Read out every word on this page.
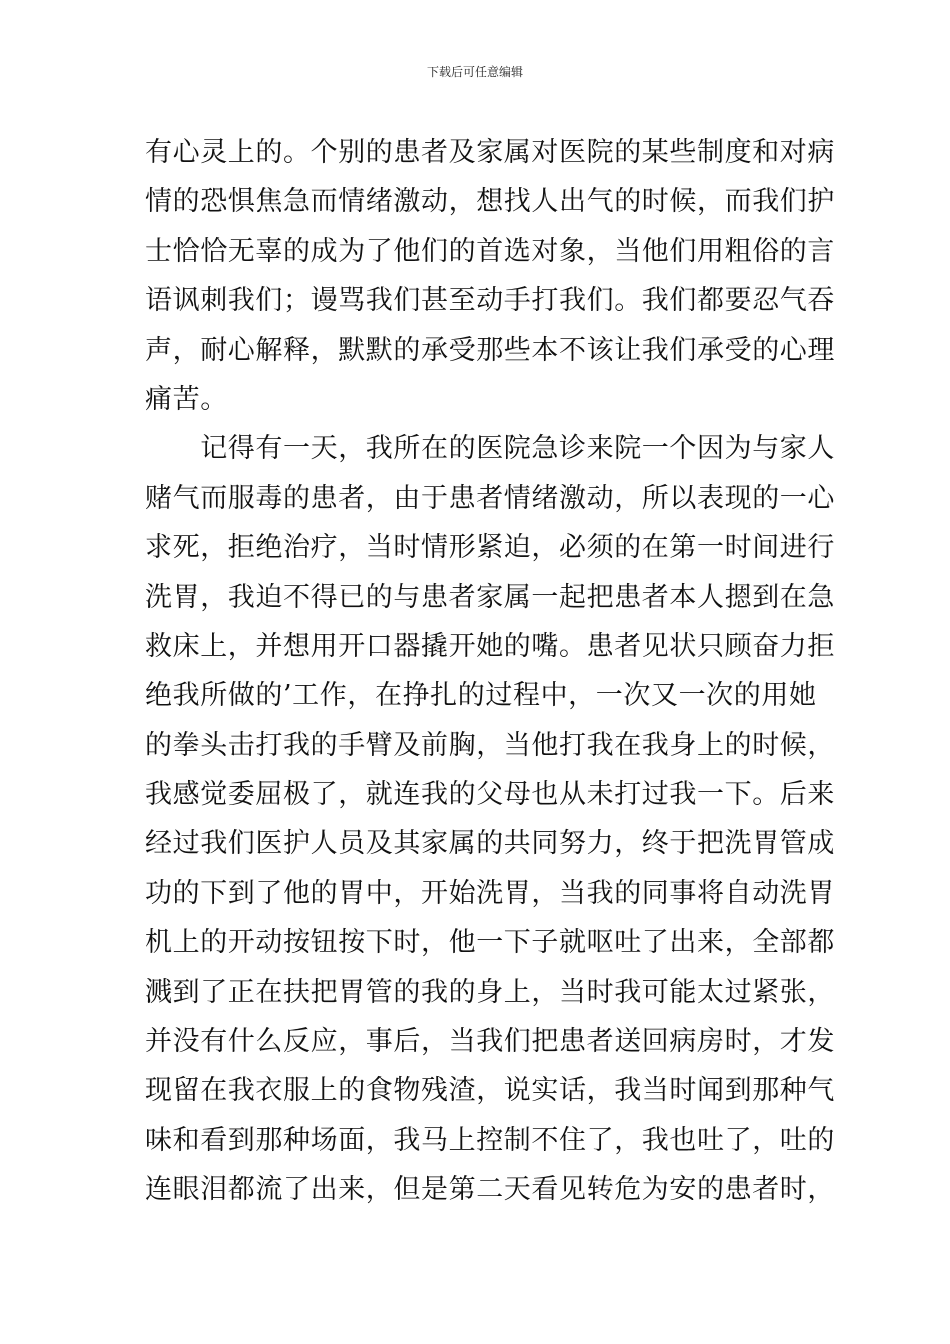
下载后可任意编辑
有心灵上的。个别的患者及家属对医院的某些制度和对病
情的恐惧焦急而情绪激动，想找人出气的时候，而我们护
士恰恰无辜的成为了他们的首选对象，当他们用粗俗的言
语讽刺我们；谩骂我们甚至动手打我们。我们都要忍气吞
声，耐心解释，默默的承受那些本不该让我们承受的心理
痛苦。
　　记得有一天，我所在的医院急诊来院一个因为与家人
赌气而服毒的患者，由于患者情绪激动，所以表现的一心
求死，拒绝治疗，当时情形紧迫，必须的在第一时间进行
洗胃，我迫不得已的与患者家属一起把患者本人摁到在急
救床上，并想用开口器撬开她的嘴。患者见状只顾奋力拒
绝我所做的’工作，在挣扎的过程中，一次又一次的用她
的拳头击打我的手臂及前胸，当他打我在我身上的时候，
我感觉委屈极了，就连我的父母也从未打过我一下。后来
经过我们医护人员及其家属的共同努力，终于把洗胃管成
功的下到了他的胃中，开始洗胃，当我的同事将自动洗胃
机上的开动按钮按下时，他一下子就呕吐了出来，全部都
溅到了正在扶把胃管的我的身上，当时我可能太过紧张，
并没有什么反应，事后，当我们把患者送回病房时，才发
现留在我衣服上的食物残渣，说实话，我当时闻到那种气
味和看到那种场面，我马上控制不住了，我也吐了，吐的
连眼泪都流了出来，但是第二天看见转危为安的患者时，
